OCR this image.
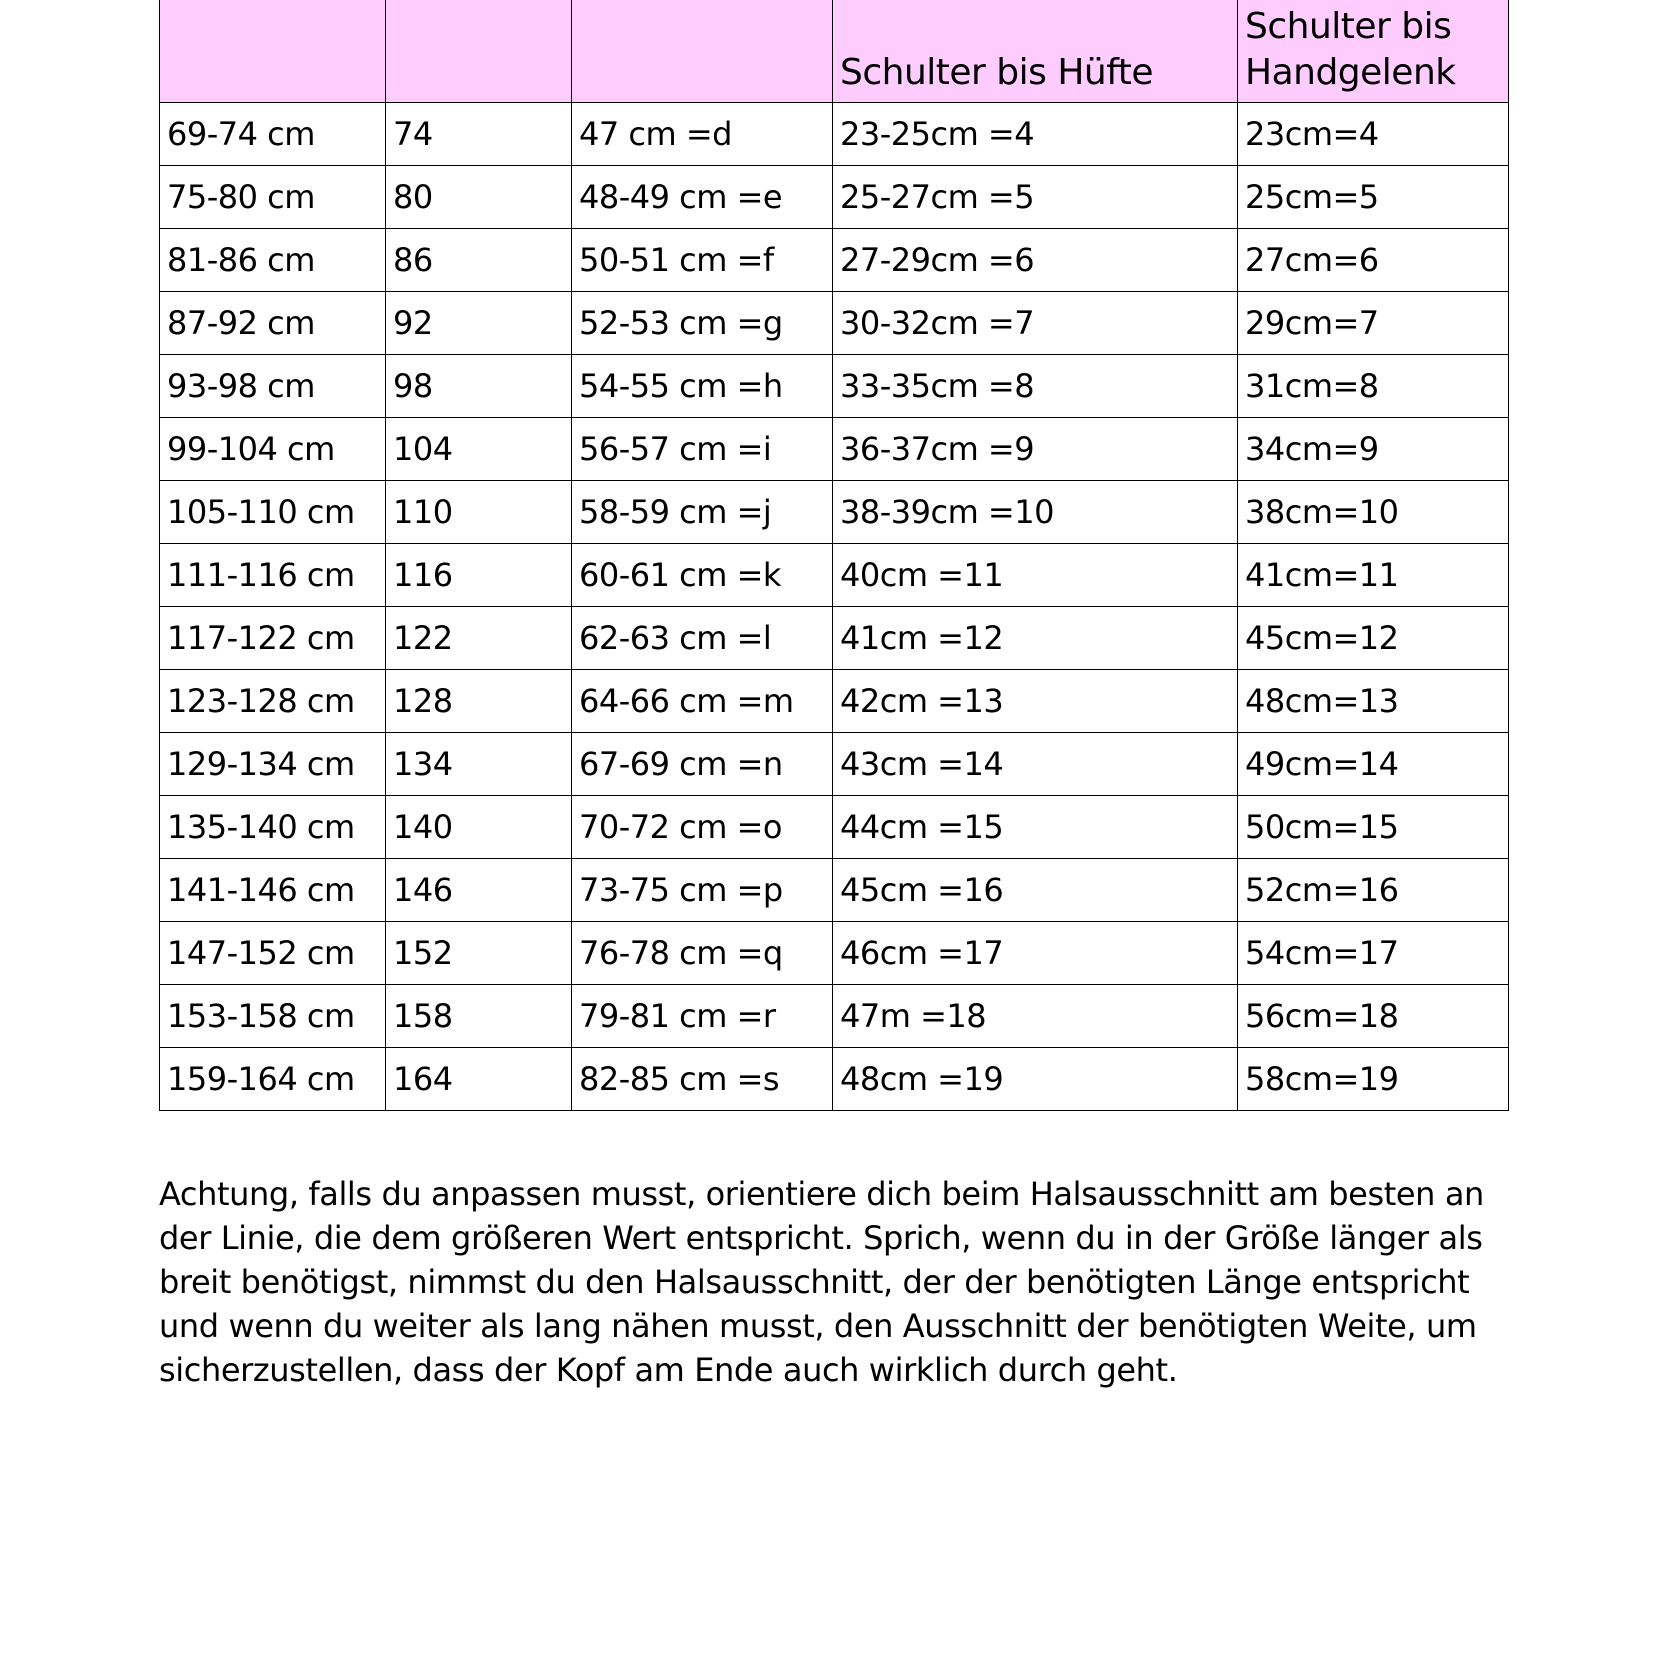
			Schulter bis Hüfte	Schulter bis Handgelenk
69-74 cm	74	47 cm =d	23-25cm =4	23cm=4
75-80 cm	80	48-49 cm =e	25-27cm =5	25cm=5
81-86 cm	86	50-51 cm =f	27-29cm =6	27cm=6
87-92 cm	92	52-53 cm =g	30-32cm =7	29cm=7
93-98 cm	98	54-55 cm =h	33-35cm =8	31cm=8
99-104 cm	104	56-57 cm =i	36-37cm =9	34cm=9
105-110 cm	110	58-59 cm =j	38-39cm =10	38cm=10
111-116 cm	116	60-61 cm =k	40cm =11	41cm=11
117-122 cm	122	62-63 cm =l	41cm =12	45cm=12
123-128 cm	128	64-66 cm =m	42cm =13	48cm=13
129-134 cm	134	67-69 cm =n	43cm =14	49cm=14
135-140 cm	140	70-72 cm =o	44cm =15	50cm=15
141-146 cm	146	73-75 cm =p	45cm =16	52cm=16
147-152 cm	152	76-78 cm =q	46cm =17	54cm=17
153-158 cm	158	79-81 cm =r	47m =18	56cm=18
159-164 cm	164	82-85 cm =s	48cm =19	58cm=19

Achtung, falls du anpassen musst, orientiere dich beim Halsausschnitt am besten an der Linie, die dem größeren Wert entspricht. Sprich, wenn du in der Größe länger als breit benötigst, nimmst du den Halsausschnitt, der der benötigten Länge entspricht und wenn du weiter als lang nähen musst, den Ausschnitt der benötigten Weite, um sicherzustellen, dass der Kopf am Ende auch wirklich durch geht.
